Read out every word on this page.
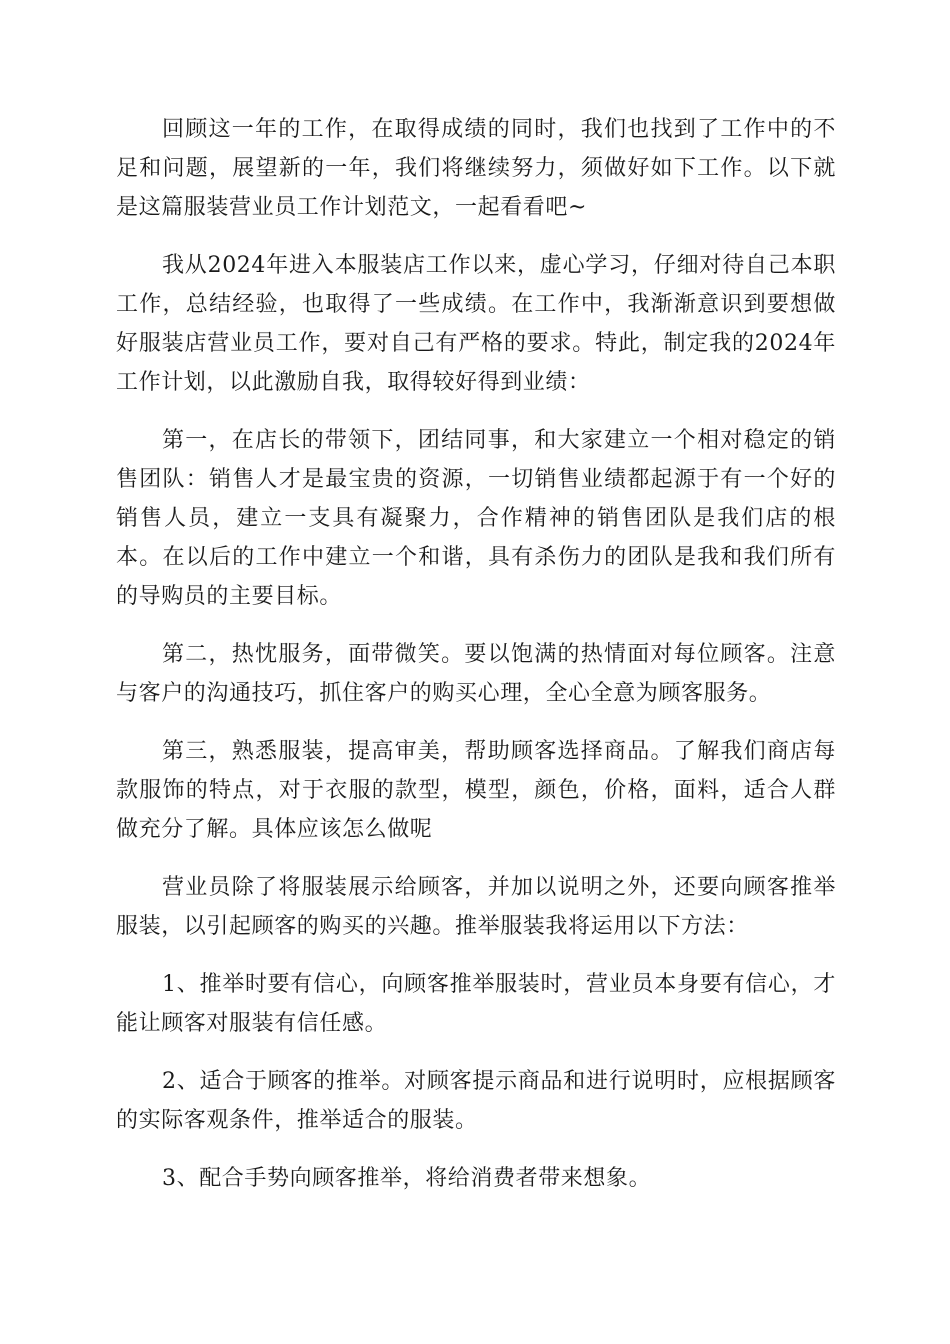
回顾这一年的工作，在取得成绩的同时，我们也找到了工作中的不足和问题，展望新的一年，我们将继续努力，须做好如下工作。以下就是这篇服装营业员工作计划范文，一起看看吧~

我从2024年进入本服装店工作以来，虚心学习，仔细对待自己本职工作，总结经验，也取得了一些成绩。在工作中，我渐渐意识到要想做好服装店营业员工作，要对自己有严格的要求。特此，制定我的2024年工作计划，以此激励自我，取得较好得到业绩：

第一，在店长的带领下，团结同事，和大家建立一个相对稳定的销售团队：销售人才是最宝贵的资源，一切销售业绩都起源于有一个好的销售人员，建立一支具有凝聚力，合作精神的销售团队是我们店的根本。在以后的工作中建立一个和谐，具有杀伤力的团队是我和我们所有的导购员的主要目标。

第二，热忱服务，面带微笑。要以饱满的热情面对每位顾客。注意与客户的沟通技巧，抓住客户的购买心理，全心全意为顾客服务。

第三，熟悉服装，提高审美，帮助顾客选择商品。了解我们商店每款服饰的特点，对于衣服的款型，模型，颜色，价格，面料，适合人群做充分了解。具体应该怎么做呢

营业员除了将服装展示给顾客，并加以说明之外，还要向顾客推举服装，以引起顾客的购买的兴趣。推举服装我将运用以下方法：

1、推举时要有信心，向顾客推举服装时，营业员本身要有信心，才能让顾客对服装有信任感。

2、适合于顾客的推举。对顾客提示商品和进行说明时，应根据顾客的实际客观条件，推举适合的服装。

3、配合手势向顾客推举，将给消费者带来想象。
